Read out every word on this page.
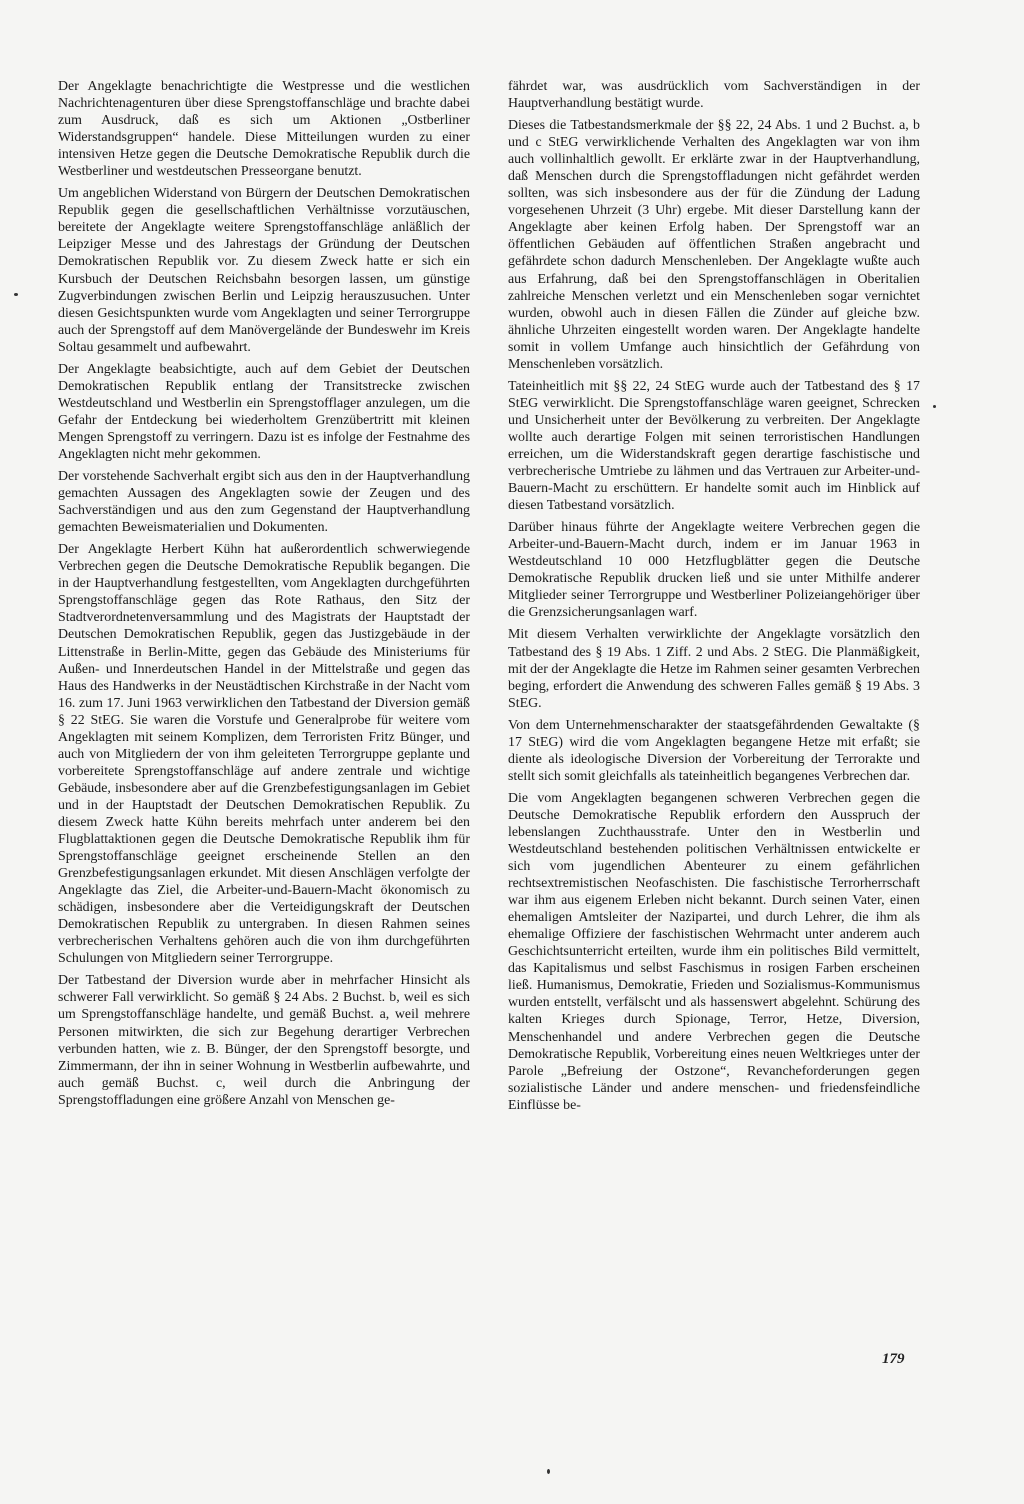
Der Angeklagte benachrichtigte die Westpresse und die westlichen Nachrichtenagenturen über diese Sprengstoffanschläge und brachte dabei zum Ausdruck, daß es sich um Aktionen „Ostberliner Widerstandsgruppen“ handele. Diese Mitteilungen wurden zu einer intensiven Hetze gegen die Deutsche Demokratische Republik durch die Westberliner und westdeutschen Presseorgane benutzt.

Um angeblichen Widerstand von Bürgern der Deutschen Demokratischen Republik gegen die gesellschaftlichen Verhältnisse vorzutäuschen, bereitete der Angeklagte weitere Sprengstoffanschläge anläßlich der Leipziger Messe und des Jahrestags der Gründung der Deutschen Demokratischen Republik vor. Zu diesem Zweck hatte er sich ein Kursbuch der Deutschen Reichsbahn besorgen lassen, um günstige Zugverbindungen zwischen Berlin und Leipzig herauszusuchen. Unter diesen Gesichtspunkten wurde vom Angeklagten und seiner Terrorgruppe auch der Sprengstoff auf dem Manövergelände der Bundeswehr im Kreis Soltau gesammelt und aufbewahrt.

Der Angeklagte beabsichtigte, auch auf dem Gebiet der Deutschen Demokratischen Republik entlang der Transitstrecke zwischen Westdeutschland und Westberlin ein Sprengstofflager anzulegen, um die Gefahr der Entdeckung bei wiederholtem Grenzübertritt mit kleinen Mengen Sprengstoff zu verringern. Dazu ist es infolge der Festnahme des Angeklagten nicht mehr gekommen.

Der vorstehende Sachverhalt ergibt sich aus den in der Hauptverhandlung gemachten Aussagen des Angeklagten sowie der Zeugen und des Sachverständigen und aus den zum Gegenstand der Hauptverhandlung gemachten Beweismaterialien und Dokumenten.

Der Angeklagte Herbert Kühn hat außerordentlich schwerwiegende Verbrechen gegen die Deutsche Demokratische Republik begangen. Die in der Hauptverhandlung festgestellten, vom Angeklagten durchgeführten Sprengstoffanschläge gegen das Rote Rathaus, den Sitz der Stadtverordnetenversammlung und des Magistrats der Hauptstadt der Deutschen Demokratischen Republik, gegen das Justizgebäude in der Littenstraße in Berlin-Mitte, gegen das Gebäude des Ministeriums für Außen- und Innerdeutschen Handel in der Mittelstraße und gegen das Haus des Handwerks in der Neustädtischen Kirchstraße in der Nacht vom 16. zum 17. Juni 1963 verwirklichen den Tatbestand der Diversion gemäß § 22 StEG. Sie waren die Vorstufe und Generalprobe für weitere vom Angeklagten mit seinem Komplizen, dem Terroristen Fritz Bünger, und auch von Mitgliedern der von ihm geleiteten Terrorgruppe geplante und vorbereitete Sprengstoffanschläge auf andere zentrale und wichtige Gebäude, insbesondere aber auf die Grenzbefestigungsanlagen im Gebiet und in der Hauptstadt der Deutschen Demokratischen Republik. Zu diesem Zweck hatte Kühn bereits mehrfach unter anderem bei den Flugblattaktionen gegen die Deutsche Demokratische Republik ihm für Sprengstoffanschläge geeignet erscheinende Stellen an den Grenzbefestigungsanlagen erkundet. Mit diesen Anschlägen verfolgte der Angeklagte das Ziel, die Arbeiter-und-Bauern-Macht ökonomisch zu schädigen, insbesondere aber die Verteidigungskraft der Deutschen Demokratischen Republik zu untergraben. In diesen Rahmen seines verbrecherischen Verhaltens gehören auch die von ihm durchgeführten Schulungen von Mitgliedern seiner Terrorgruppe.

Der Tatbestand der Diversion wurde aber in mehrfacher Hinsicht als schwerer Fall verwirklicht. So gemäß § 24 Abs. 2 Buchst. b, weil es sich um Sprengstoffanschläge handelte, und gemäß Buchst. a, weil mehrere Personen mitwirkten, die sich zur Begehung derartiger Verbrechen verbunden hatten, wie z. B. Bünger, der den Sprengstoff besorgte, und Zimmermann, der ihn in seiner Wohnung in Westberlin aufbewahrte, und auch gemäß Buchst. c, weil durch die Anbringung der Sprengstoffladungen eine größere Anzahl von Menschen ge-

fährdet war, was ausdrücklich vom Sachverständigen in der Hauptverhandlung bestätigt wurde.

Dieses die Tatbestandsmerkmale der §§ 22, 24 Abs. 1 und 2 Buchst. a, b und c StEG verwirklichende Verhalten des Angeklagten war von ihm auch vollinhaltlich gewollt. Er erklärte zwar in der Hauptverhandlung, daß Menschen durch die Sprengstoffladungen nicht gefährdet werden sollten, was sich insbesondere aus der für die Zündung der Ladung vorgesehenen Uhrzeit (3 Uhr) ergebe. Mit dieser Darstellung kann der Angeklagte aber keinen Erfolg haben. Der Sprengstoff war an öffentlichen Gebäuden auf öffentlichen Straßen angebracht und gefährdete schon dadurch Menschenleben. Der Angeklagte wußte auch aus Erfahrung, daß bei den Sprengstoffanschlägen in Oberitalien zahlreiche Menschen verletzt und ein Menschenleben sogar vernichtet wurden, obwohl auch in diesen Fällen die Zünder auf gleiche bzw. ähnliche Uhrzeiten eingestellt worden waren. Der Angeklagte handelte somit in vollem Umfange auch hinsichtlich der Gefährdung von Menschenleben vorsätzlich.

Tateinheitlich mit §§ 22, 24 StEG wurde auch der Tatbestand des § 17 StEG verwirklicht. Die Sprengstoffanschläge waren geeignet, Schrecken und Unsicherheit unter der Bevölkerung zu verbreiten. Der Angeklagte wollte auch derartige Folgen mit seinen terroristischen Handlungen erreichen, um die Widerstandskraft gegen derartige faschistische und verbrecherische Umtriebe zu lähmen und das Vertrauen zur Arbeiter-und-Bauern-Macht zu erschüttern. Er handelte somit auch im Hinblick auf diesen Tatbestand vorsätzlich.

Darüber hinaus führte der Angeklagte weitere Verbrechen gegen die Arbeiter-und-Bauern-Macht durch, indem er im Januar 1963 in Westdeutschland 10 000 Hetzflugblätter gegen die Deutsche Demokratische Republik drucken ließ und sie unter Mithilfe anderer Mitglieder seiner Terrorgruppe und Westberliner Polizeiangehöriger über die Grenzsicherungsanlagen warf.

Mit diesem Verhalten verwirklichte der Angeklagte vorsätzlich den Tatbestand des § 19 Abs. 1 Ziff. 2 und Abs. 2 StEG. Die Planmäßigkeit, mit der der Angeklagte die Hetze im Rahmen seiner gesamten Verbrechen beging, erfordert die Anwendung des schweren Falles gemäß § 19 Abs. 3 StEG.

Von dem Unternehmenscharakter der staatsgefährdenden Gewaltakte (§ 17 StEG) wird die vom Angeklagten begangene Hetze mit erfaßt; sie diente als ideologische Diversion der Vorbereitung der Terrorakte und stellt sich somit gleichfalls als tateinheitlich begangenes Verbrechen dar.

Die vom Angeklagten begangenen schweren Verbrechen gegen die Deutsche Demokratische Republik erfordern den Ausspruch der lebenslangen Zuchthausstrafe. Unter den in Westberlin und Westdeutschland bestehenden politischen Verhältnissen entwickelte er sich vom jugendlichen Abenteurer zu einem gefährlichen rechtsextremistischen Neofaschisten. Die faschistische Terrorherrschaft war ihm aus eigenem Erleben nicht bekannt. Durch seinen Vater, einen ehemaligen Amtsleiter der Nazipartei, und durch Lehrer, die ihm als ehemalige Offiziere der faschistischen Wehrmacht unter anderem auch Geschichtsunterricht erteilten, wurde ihm ein politisches Bild vermittelt, das Kapitalismus und selbst Faschismus in rosigen Farben erscheinen ließ. Humanismus, Demokratie, Frieden und Sozialismus-Kommunismus wurden entstellt, verfälscht und als hassenswert abgelehnt. Schürung des kalten Krieges durch Spionage, Terror, Hetze, Diversion, Menschenhandel und andere Verbrechen gegen die Deutsche Demokratische Republik, Vorbereitung eines neuen Weltkrieges unter der Parole „Befreiung der Ostzone“, Revancheforderungen gegen sozialistische Länder und andere menschen- und friedensfeindliche Einflüsse be-

179
